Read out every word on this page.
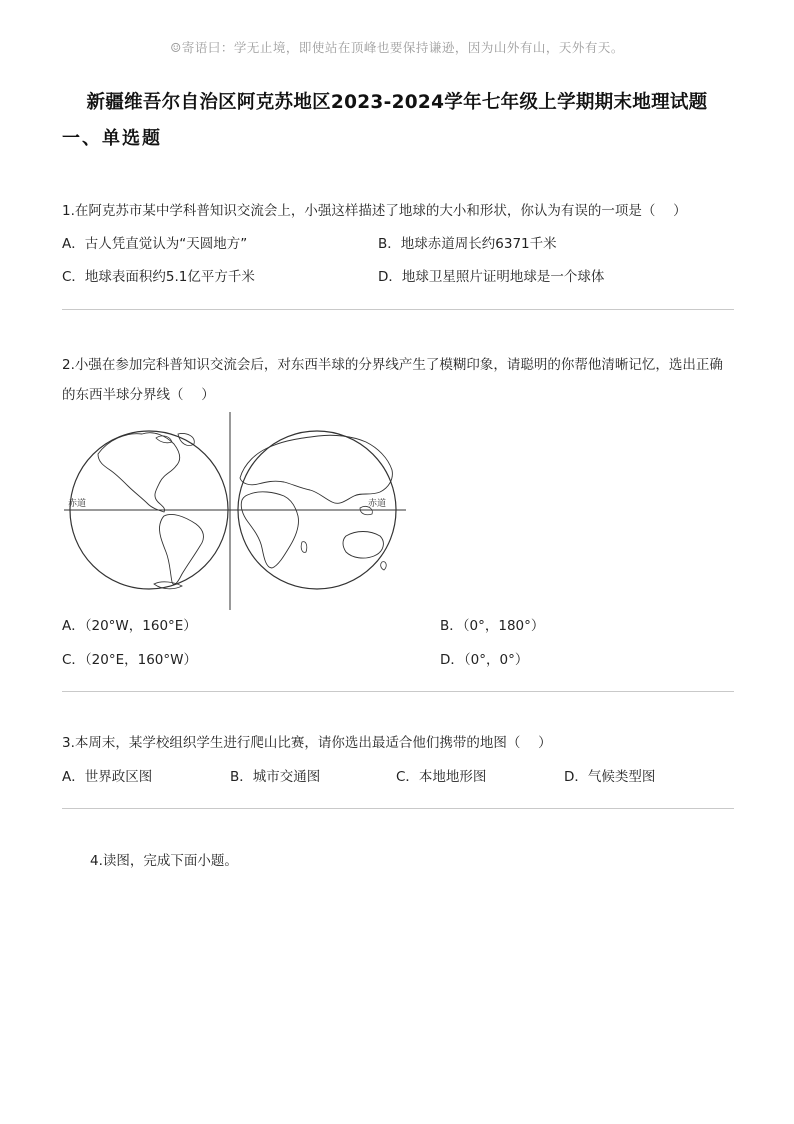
☺寄语曰：学无止境，即使站在顶峰也要保持谦逊，因为山外有山，天外有天。
新疆维吾尔自治区阿克苏地区2023-2024学年七年级上学期期末地理试题
一、单选题
1.在阿克苏市某中学科普知识交流会上，小强这样描述了地球的大小和形状，你认为有误的一项是（　 ）
A．古人凭直觉认为“天圆地方”	B．地球赤道周长约6371千米
C．地球表面积约5.1亿平方千米	D．地球卫星照片证明地球是一个球体
2.小强在参加完科普知识交流会后，对东西半球的分界线产生了模糊印象，请聪明的你帮他清晰记忆，选出正确的东西半球分界线（　 ）
赤道	赤道
A．（20°W，160°E）	B．（0°，180°）
C．（20°E，160°W）	D．（0°，0°）
3.本周末，某学校组织学生进行爬山比赛，请你选出最适合他们携带的地图（　 ）
A．世界政区图	B．城市交通图	C．本地地形图	D．气候类型图
4.读图，完成下面小题。
